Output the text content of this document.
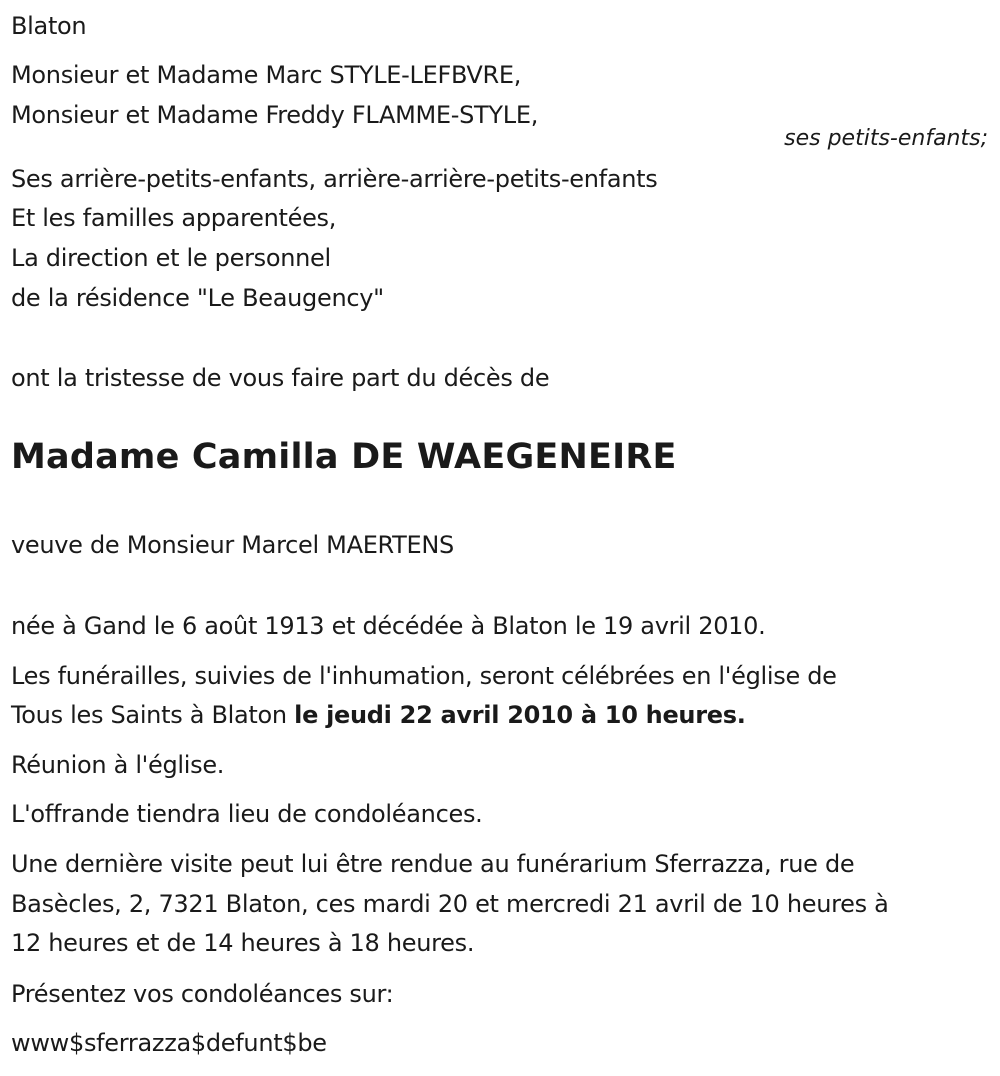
Blaton
Monsieur et Madame Marc STYLE-LEFBVRE,
Monsieur et Madame Freddy FLAMME-STYLE,
ses petits-enfants;
Ses arrière-petits-enfants, arrière-arrière-petits-enfants
Et les familles apparentées,
La direction et le personnel
de la résidence "Le Beaugency"
ont la tristesse de vous faire part du décès de
Madame Camilla DE WAEGENEIRE
veuve de Monsieur Marcel MAERTENS
née à Gand le 6 août 1913 et décédée à Blaton le 19 avril 2010.
Les funérailles, suivies de l'inhumation, seront célébrées en l'église de
Tous les Saints à Blaton le jeudi 22 avril 2010 à 10 heures.
Réunion à l'église.
L'offrande tiendra lieu de condoléances.
Une dernière visite peut lui être rendue au funérarium Sferrazza, rue de
Basècles, 2, 7321 Blaton, ces mardi 20 et mercredi 21 avril de 10 heures à
12 heures et de 14 heures à 18 heures.
Présentez vos condoléances sur:
www$sferrazza$defunt$be
